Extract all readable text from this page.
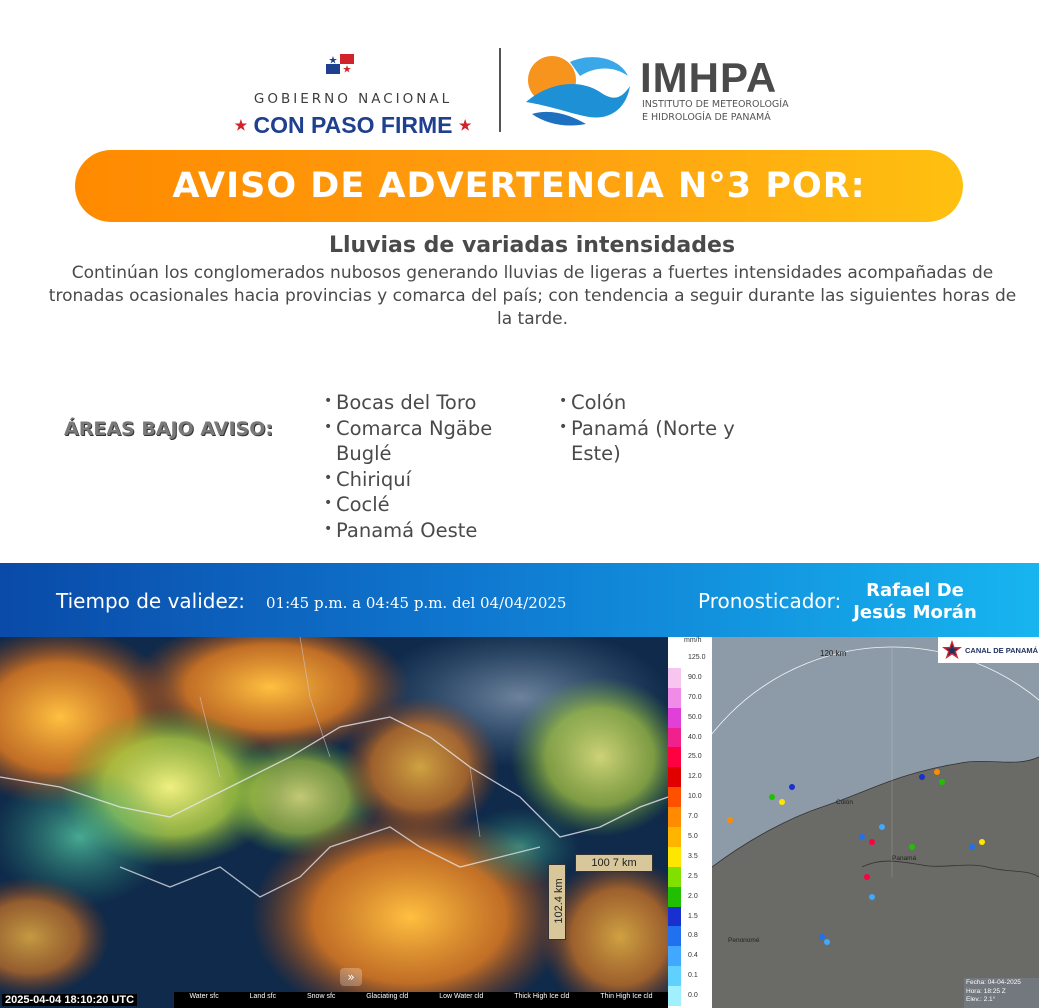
GOBIERNO NACIONAL
★ CON PASO FIRME ★
IMHPA
INSTITUTO DE METEOROLOGÍA
E HIDROLOGÍA DE PANAMÁ
AVISO DE ADVERTENCIA N°3 POR:
Lluvias de variadas intensidades
Continúan los conglomerados nubosos generando lluvias de ligeras a fuertes intensidades acompañadas de tronadas ocasionales hacia provincias y comarca del país; con tendencia a seguir durante las siguientes horas de la tarde.
ÁREAS BAJO AVISO:
• Bocas del Toro
• Comarca Ngäbe Buglé
• Chiriquí
• Coclé
• Panamá Oeste
• Colón
• Panamá (Norte y Este)
Tiempo de validez: 01:45 p.m. a 04:45 p.m. del 04/04/2025	Pronosticador:	Rafael De Jesús Morán
100 7 km
102.4 km
»
2025-04-04 18:10:20 UTC	Water sfc	Land sfc	Snow sfc	Glaciating cld	Low Water cld	Thick High Ice cld	Thin High Ice cld
mm/h
125.0
90.0
70.0
50.0
40.0
25.0
12.0
10.0
7.0
5.0
3.5
2.5
2.0
1.5
0.8
0.4
0.1
0.0
CANAL DE PANAMÁ
120 km
Colón
Panamá
Penonomé
Fecha: 04-04-2025
Hora: 18:25 Z
Elev.: 2.1°
